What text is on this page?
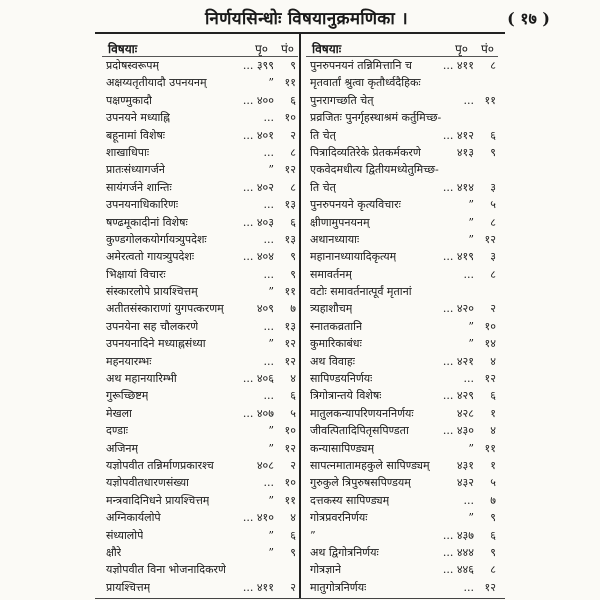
निर्णयसिन्धोः विषयानुक्रमणिका ।	( १७ )
विषयाः	पृ० पं०
प्रदोषस्वरूपम्	... ३९९	९
अक्षय्यतृतीयादौ उपनयनम्	” ११
पक्षण्मुकादौ	... ४००	६
उपनयने मध्याह्नि	... १०
बहूनामां विशेषः	... ४०१	२
शाखाधिपाः	...	८
प्रातःसंध्यागर्जने	” १२
सायंगर्जने शान्तिः	... ४०२	८
उपनयनाधिकारिणः	... १३
षण्ढमूकादीनां विशेषः	... ४०३	६
कुण्डगोलकयोर्गायत्र्युपदेशः	... १३
अमेरत्वतो गायत्र्युपदेशः	... ४०४	९
भिक्षायां विचारः	...	९
संस्कारलोपे प्रायश्चित्तम्	” ११
अतीतसंस्काराणां युगपत्करणम्	४०९	७
उपनयेना सह चौलकरणे	... १३
उपनयनादिने मध्याह्नसंध्या	” १२
महनयारम्भः	... १२
अथ महानयारिम्भी	... ४०६	४
गुरूच्छिष्टम्	...	६
मेखला	... ४०७	५
दण्डाः	” १०
अजिनम्	” १२
यज्ञोपवीत तन्निर्माणप्रकारश्च	४०८	२
यज्ञोपवीतधारणसंख्या	... १०
मन्त्रवादिनिधने प्रायश्चित्तम्	” ११
अग्निकार्यलोपे	... ४१०	४
संध्यालोपे	”	६
क्षौरे	”	९
यज्ञोपवीत विना भोजनादिकरणे
प्रायश्चित्तम्	... ४११	२
विषयाः	पृ० पं०
पुनरुपनयनं तन्निमित्तानि च	... ४११	८
मृतवार्तां श्रुत्वा कृतौर्ध्वदैहिकः
पुनरागच्छति चेत्	... ११
प्रव्रजितः पुनर्गृहस्थाश्रमं कर्तुमिच्छ-
ति चेत्	... ४१२	६
पित्रादिव्यतिरेके प्रेतकर्मकरणे	४१३	९
एकवेदमधीत्य द्वितीयमध्येतुमिच्छ-
ति चेत्	... ४१४	३
पुनरुपनयने कृत्यविचारः	”	५
क्षीणामुपनयनम्	”	८
अथानध्यायाः	” १२
महानानध्यायादिकृत्यम्	... ४१९	३
समावर्तनम्	...	८
वटोः समावर्तनात्पूर्वं मृतानां
त्र्यहाशौचम्	... ४२०	२
स्नातकव्रतानि	” १०
कुमारिकाबंधः	” १४
अथ विवाहः	... ४२१	४
सापिण्डयनिर्णयः	... १२
त्रिगोत्रान्तये विशेषः	... ४२९	६
मातुलकन्यापरिणयननिर्णयः	४२८	१
जीवत्पितादिपितृसपिण्डता	... ४३०	४
कन्यासापिण्ड्यम्	” ११
सापत्नमातामहकुले सापिण्ड्यम् ४३१	१
गुरुकुले त्रिपुरुषसपिण्डयम्	४३२	५
दत्तकस्य सापिण्ड्यम्	...	७
गोत्रप्रवरनिर्णयः	”	९
”	... ४३७	६
अथ द्विगोत्रनिर्णयः	... ४४४	९
गोत्रज्ञाने	... ४४६	८
मातुगोत्रनिर्णयः	... १२
